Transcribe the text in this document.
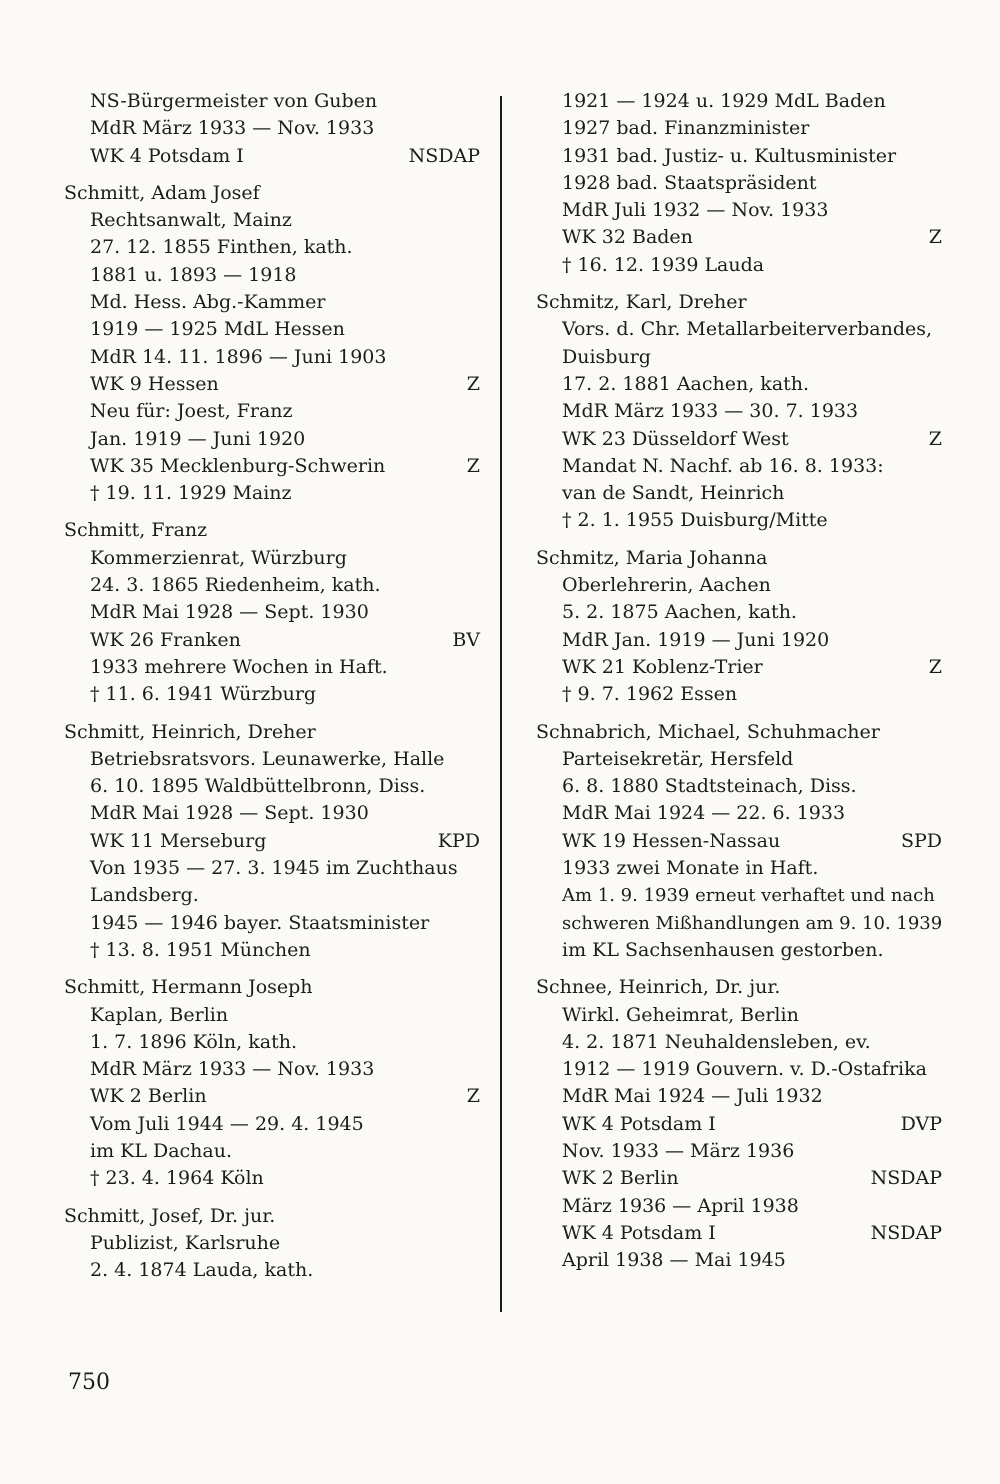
NS-Bürgermeister von Guben
MdR März 1933 — Nov. 1933
WK 4 Potsdam I	NSDAP
Schmitt, Adam Josef
Rechtsanwalt, Mainz
27. 12. 1855 Finthen, kath.
1881 u. 1893 — 1918
Md. Hess. Abg.-Kammer
1919 — 1925 MdL Hessen
MdR 14. 11. 1896 — Juni 1903
WK 9 Hessen	Z
Neu für: Joest, Franz
Jan. 1919 — Juni 1920
WK 35 Mecklenburg-Schwerin	Z
† 19. 11. 1929 Mainz
Schmitt, Franz
Kommerzienrat, Würzburg
24. 3. 1865 Riedenheim, kath.
MdR Mai 1928 — Sept. 1930
WK 26 Franken	BV
1933 mehrere Wochen in Haft.
† 11. 6. 1941 Würzburg
Schmitt, Heinrich, Dreher
Betriebsratsvors. Leunawerke, Halle
6. 10. 1895 Waldbüttelbronn, Diss.
MdR Mai 1928 — Sept. 1930
WK 11 Merseburg	KPD
Von 1935 — 27. 3. 1945 im Zuchthaus
Landsberg.
1945 — 1946 bayer. Staatsminister
† 13. 8. 1951 München
Schmitt, Hermann Joseph
Kaplan, Berlin
1. 7. 1896 Köln, kath.
MdR März 1933 — Nov. 1933
WK 2 Berlin	Z
Vom Juli 1944 — 29. 4. 1945
im KL Dachau.
† 23. 4. 1964 Köln
Schmitt, Josef, Dr. jur.
Publizist, Karlsruhe
2. 4. 1874 Lauda, kath.
1921 — 1924 u. 1929 MdL Baden
1927 bad. Finanzminister
1931 bad. Justiz- u. Kultusminister
1928 bad. Staatspräsident
MdR Juli 1932 — Nov. 1933
WK 32 Baden	Z
† 16. 12. 1939 Lauda
Schmitz, Karl, Dreher
Vors. d. Chr. Metallarbeiterverbandes,
Duisburg
17. 2. 1881 Aachen, kath.
MdR März 1933 — 30. 7. 1933
WK 23 Düsseldorf West	Z
Mandat N. Nachf. ab 16. 8. 1933:
van de Sandt, Heinrich
† 2. 1. 1955 Duisburg/Mitte
Schmitz, Maria Johanna
Oberlehrerin, Aachen
5. 2. 1875 Aachen, kath.
MdR Jan. 1919 — Juni 1920
WK 21 Koblenz-Trier	Z
† 9. 7. 1962 Essen
Schnabrich, Michael, Schuhmacher
Parteisekretär, Hersfeld
6. 8. 1880 Stadtsteinach, Diss.
MdR Mai 1924 — 22. 6. 1933
WK 19 Hessen-Nassau	SPD
1933 zwei Monate in Haft.
Am 1. 9. 1939 erneut verhaftet und nach
schweren Mißhandlungen am 9. 10. 1939
im KL Sachsenhausen gestorben.
Schnee, Heinrich, Dr. jur.
Wirkl. Geheimrat, Berlin
4. 2. 1871 Neuhaldensleben, ev.
1912 — 1919 Gouvern. v. D.-Ostafrika
MdR Mai 1924 — Juli 1932
WK 4 Potsdam I	DVP
Nov. 1933 — März 1936
WK 2 Berlin	NSDAP
März 1936 — April 1938
WK 4 Potsdam I	NSDAP
April 1938 — Mai 1945
750
